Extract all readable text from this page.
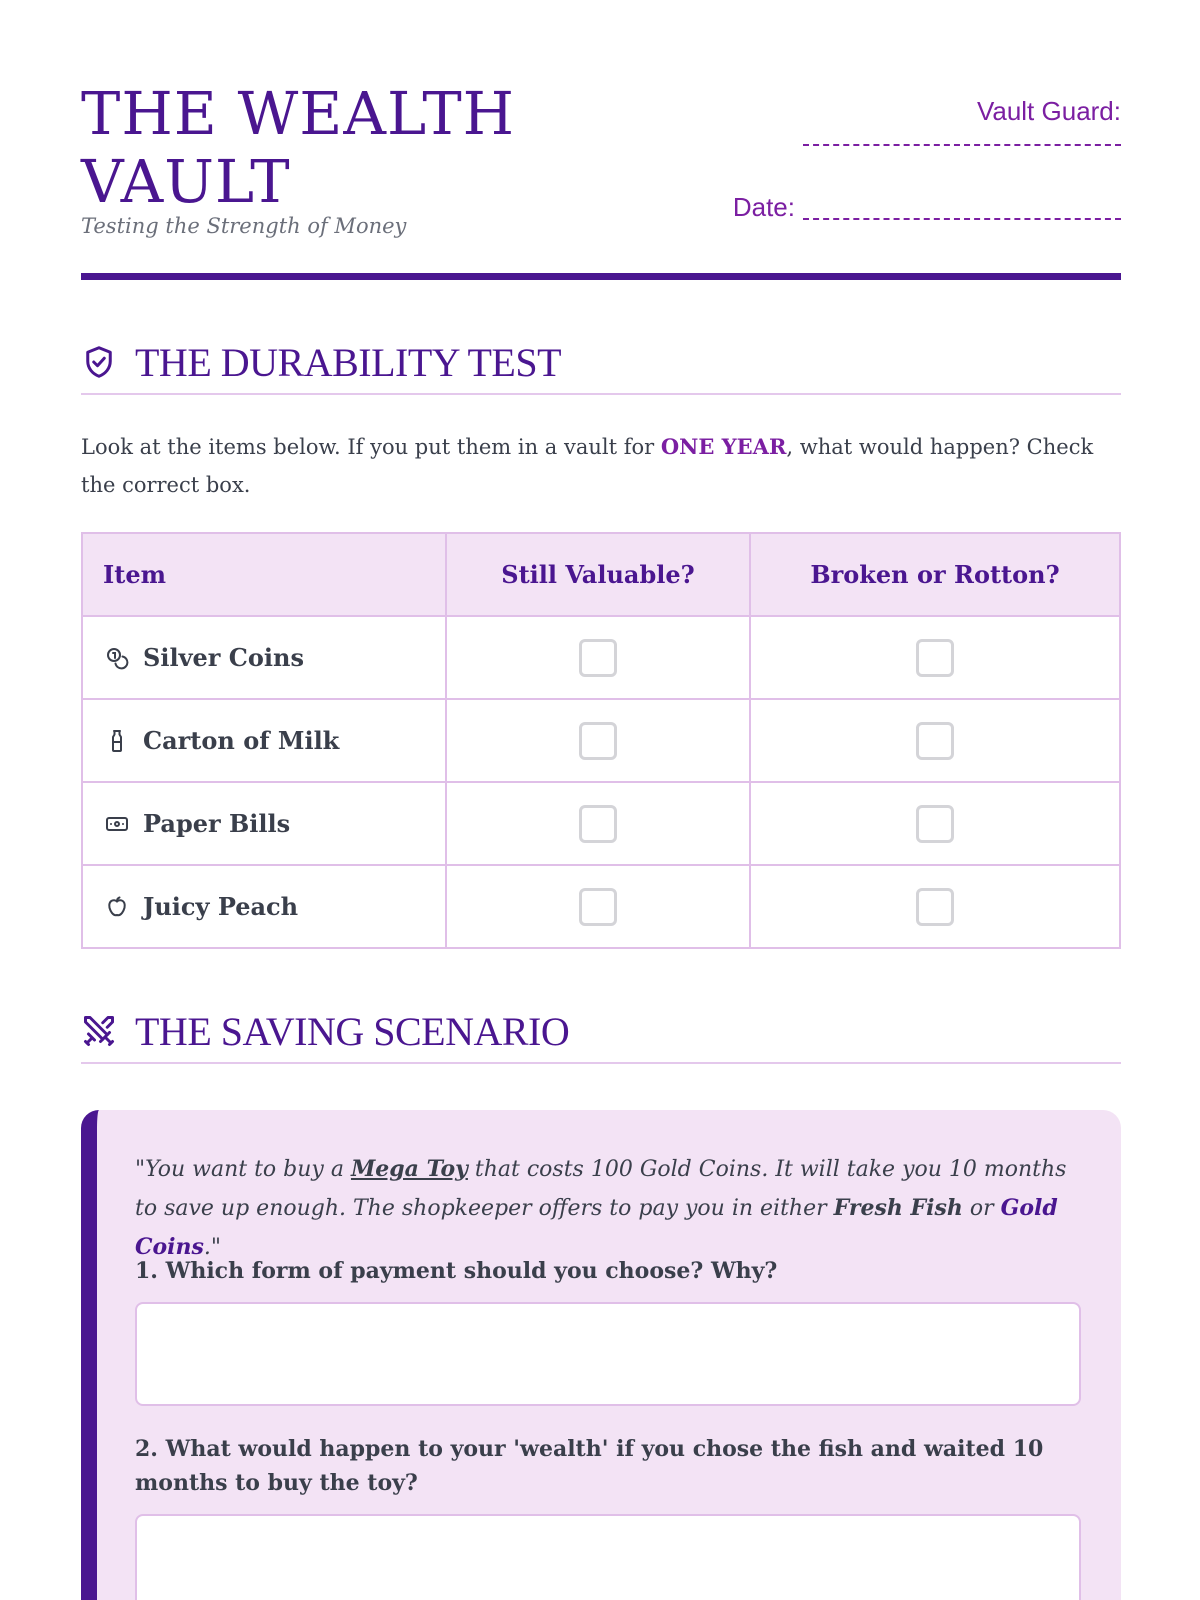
THE WEALTH VAULT
Testing the Strength of Money
Vault Guard:
Date:
THE DURABILITY TEST

Look at the items below. If you put them in a vault for ONE YEAR, what would happen? Check the correct box.

Item	Still Valuable?	Broken or Rotton?

Silver Coins		

Carton of Milk		

Paper Bills		

Juicy Peach		

THE SAVING SCENARIO

"You want to buy a Mega Toy that costs 100 Gold Coins. It will take you 10 months to save up enough. The shopkeeper offers to pay you in either Fresh Fish or Gold Coins."

1. Which form of payment should you choose? Why?
2. What would happen to your 'wealth' if you chose the fish and waited 10 months to buy the toy?
